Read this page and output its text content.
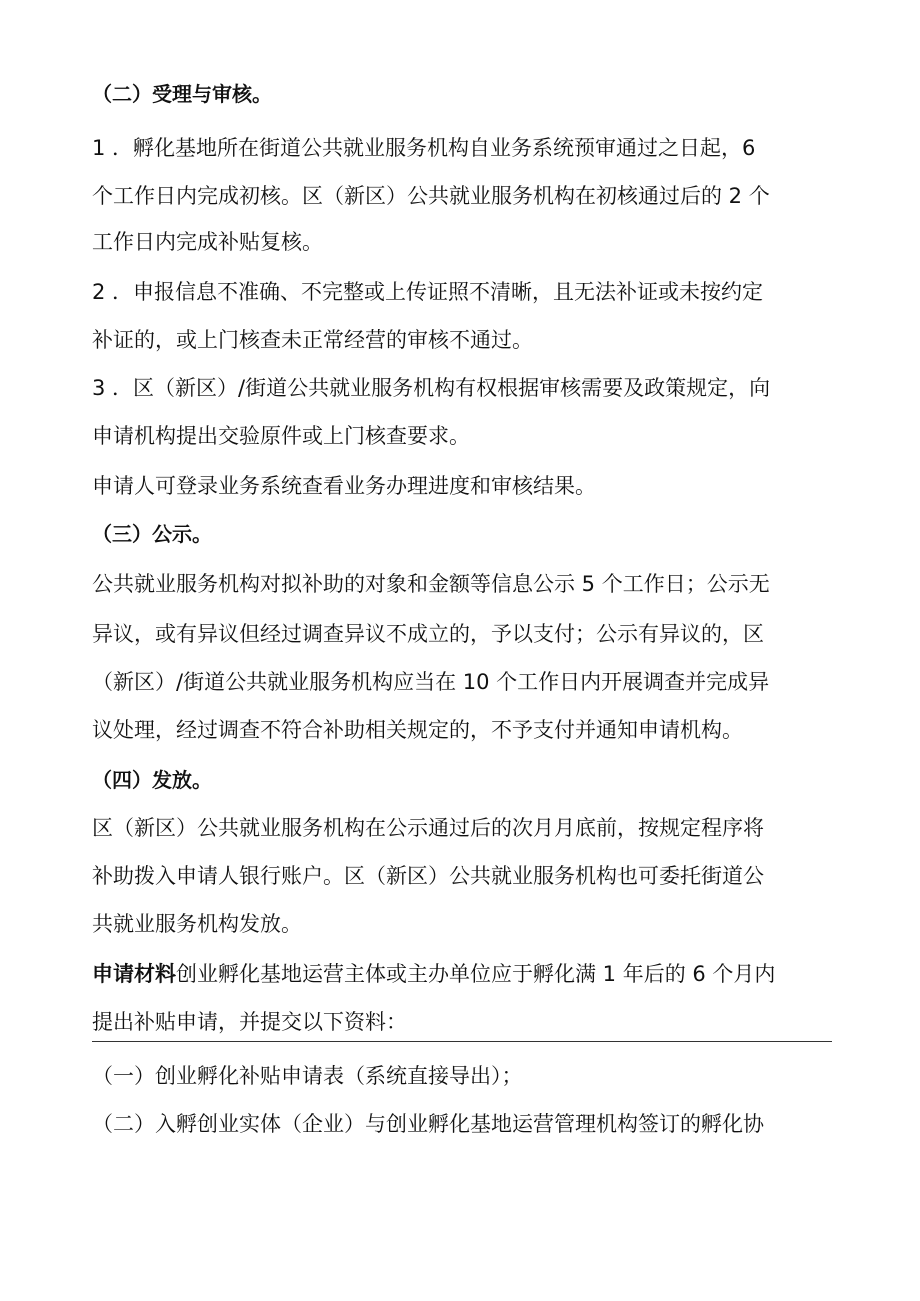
（二）受理与审核。

1 ．孵化基地所在街道公共就业服务机构自业务系统预审通过之日起，6

个工作日内完成初核。区（新区）公共就业服务机构在初核通过后的 2 个

工作日内完成补贴复核。

2 ．申报信息不准确、不完整或上传证照不清晰，且无法补证或未按约定

补证的，或上门核查未正常经营的审核不通过。

3 ．区（新区）/街道公共就业服务机构有权根据审核需要及政策规定，向

申请机构提出交验原件或上门核查要求。

申请人可登录业务系统查看业务办理进度和审核结果。

（三）公示。

公共就业服务机构对拟补助的对象和金额等信息公示 5 个工作日；公示无

异议，或有异议但经过调查异议不成立的，予以支付；公示有异议的，区

（新区）/街道公共就业服务机构应当在 10 个工作日内开展调查并完成异

议处理，经过调查不符合补助相关规定的，不予支付并通知申请机构。

（四）发放。

区（新区）公共就业服务机构在公示通过后的次月月底前，按规定程序将

补助拨入申请人银行账户。区（新区）公共就业服务机构也可委托街道公

共就业服务机构发放。

申请材料创业孵化基地运营主体或主办单位应于孵化满 1 年后的 6 个月内

提出补贴申请，并提交以下资料：

（一）创业孵化补贴申请表（系统直接导出）；

（二）入孵创业实体（企业）与创业孵化基地运营管理机构签订的孵化协
